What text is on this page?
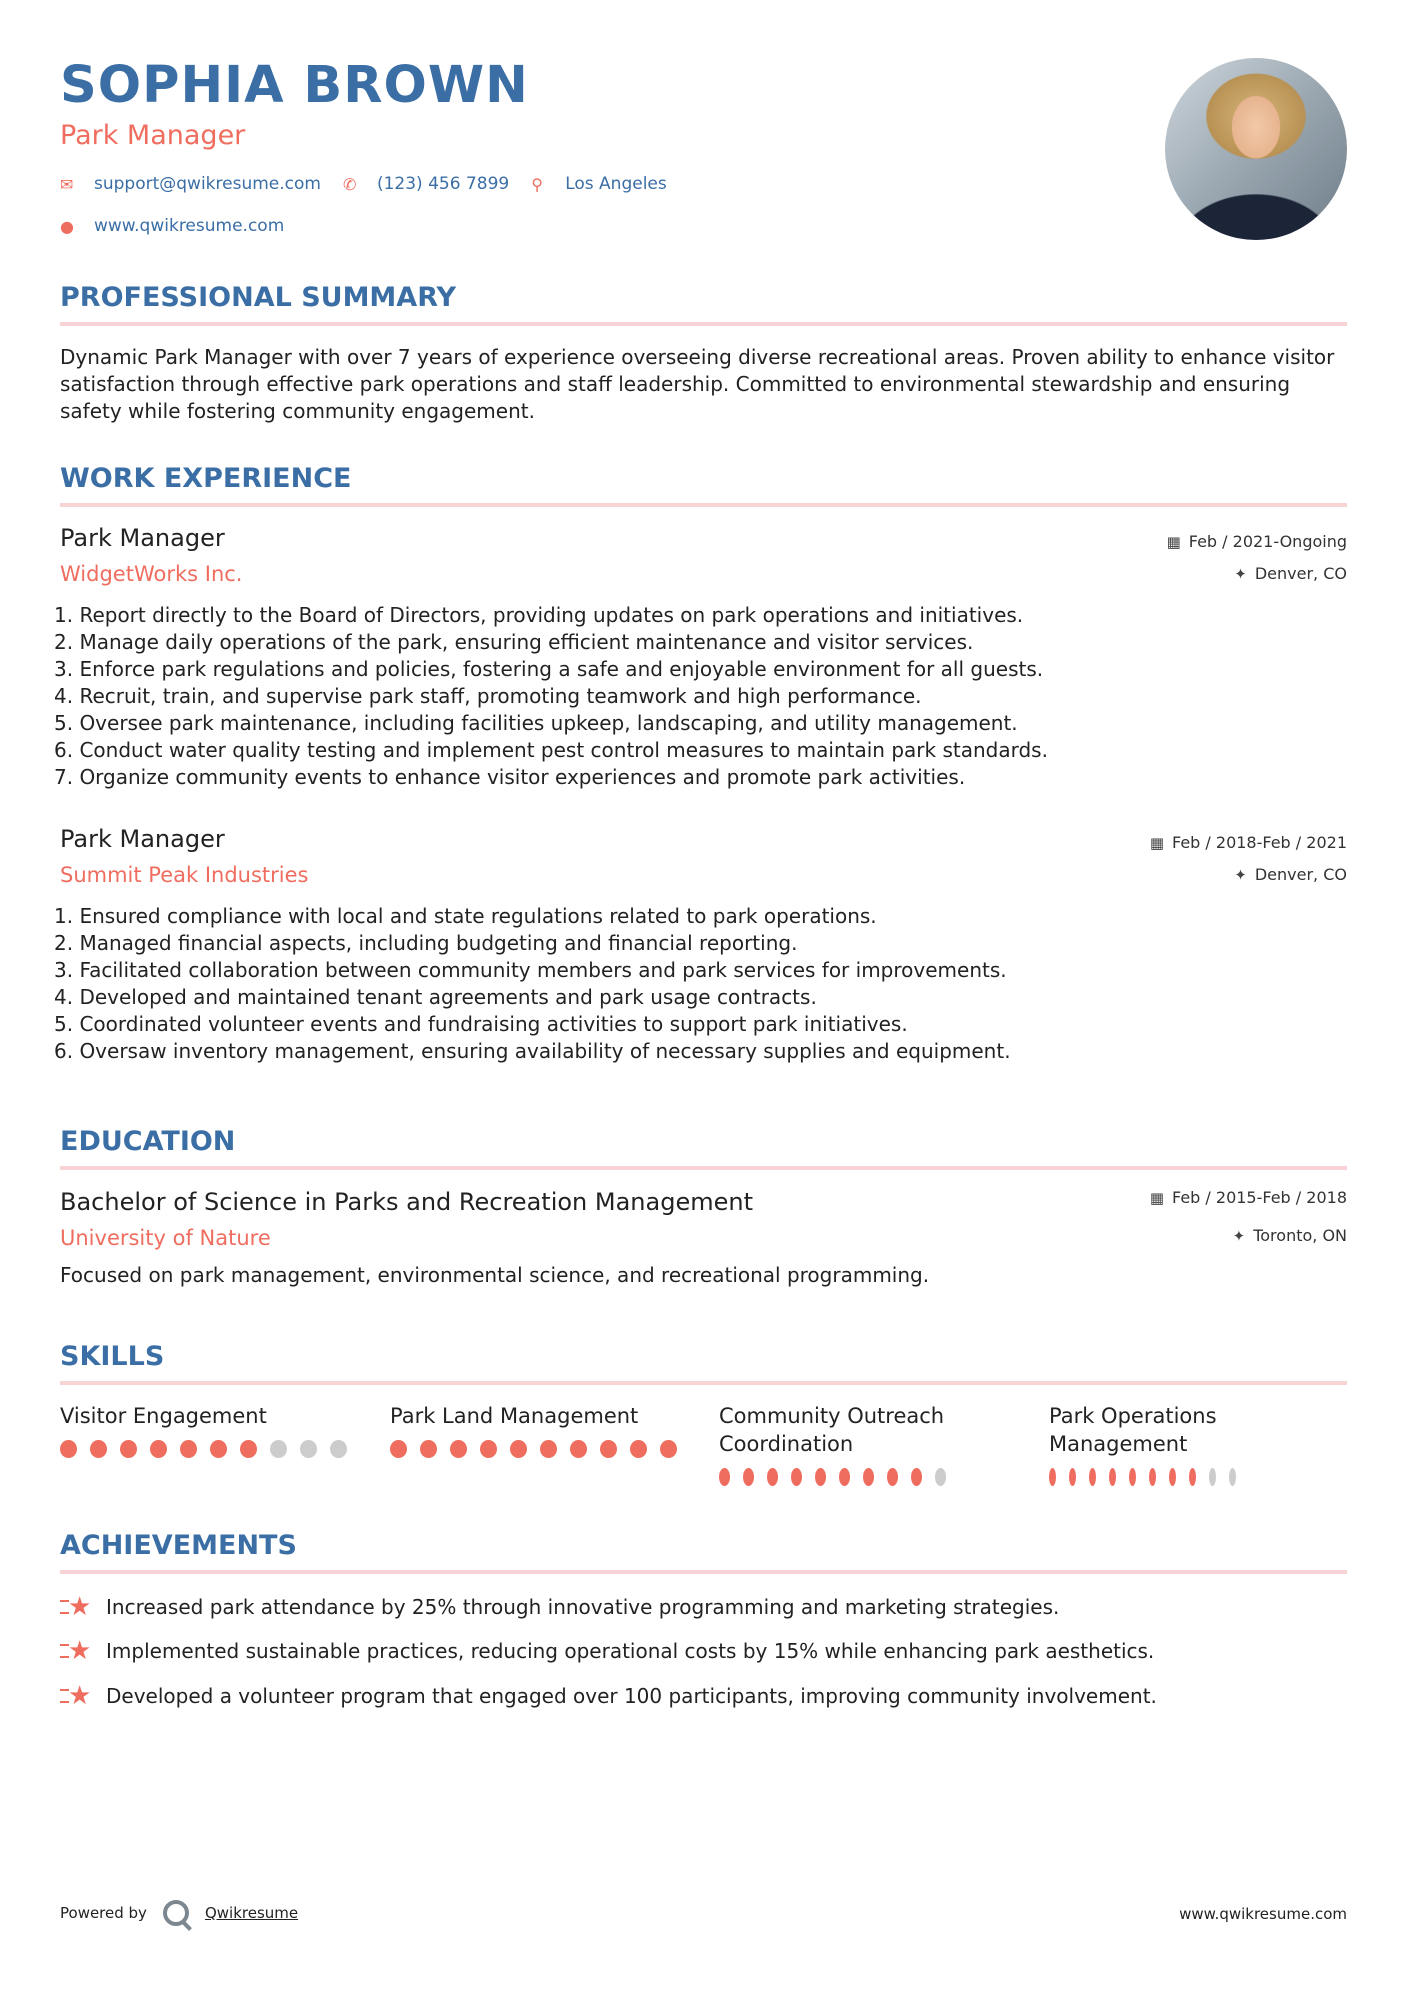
SOPHIA BROWN
Park Manager
✉	support@qwikresume.com ✆	(123) 456 7899 ⚲	Los Angeles
●	www.qwikresume.com
PROFESSIONAL SUMMARY
Dynamic Park Manager with over 7 years of experience overseeing diverse recreational areas. Proven ability to enhance visitor satisfaction through effective park operations and staff leadership. Committed to environmental stewardship and ensuring safety while fostering community engagement.
WORK EXPERIENCE
Park Manager
WidgetWorks Inc.
▦ Feb / 2021-Ongoing
✦ Denver, CO
1. Report directly to the Board of Directors, providing updates on park operations and initiatives.
2. Manage daily operations of the park, ensuring efficient maintenance and visitor services.
3. Enforce park regulations and policies, fostering a safe and enjoyable environment for all guests.
4. Recruit, train, and supervise park staff, promoting teamwork and high performance.
5. Oversee park maintenance, including facilities upkeep, landscaping, and utility management.
6. Conduct water quality testing and implement pest control measures to maintain park standards.
7. Organize community events to enhance visitor experiences and promote park activities.
Park Manager
Summit Peak Industries
▦ Feb / 2018-Feb / 2021
✦ Denver, CO
1. Ensured compliance with local and state regulations related to park operations.
2. Managed financial aspects, including budgeting and financial reporting.
3. Facilitated collaboration between community members and park services for improvements.
4. Developed and maintained tenant agreements and park usage contracts.
5. Coordinated volunteer events and fundraising activities to support park initiatives.
6. Oversaw inventory management, ensuring availability of necessary supplies and equipment.
EDUCATION
Bachelor of Science in Parks and Recreation Management
University of Nature
▦ Feb / 2015-Feb / 2018
✦ Toronto, ON
Focused on park management, environmental science, and recreational programming.
SKILLS
Visitor Engagement	Park Land Management	Community Outreach Coordination
Park Operations Management
ACHIEVEMENTS
★ Increased park attendance by 25% through innovative programming and marketing strategies.
★ Implemented sustainable practices, reducing operational costs by 15% while enhancing park aesthetics.
★ Developed a volunteer program that engaged over 100 participants, improving community involvement.
Powered by	Qwikresume	www.qwikresume.com
